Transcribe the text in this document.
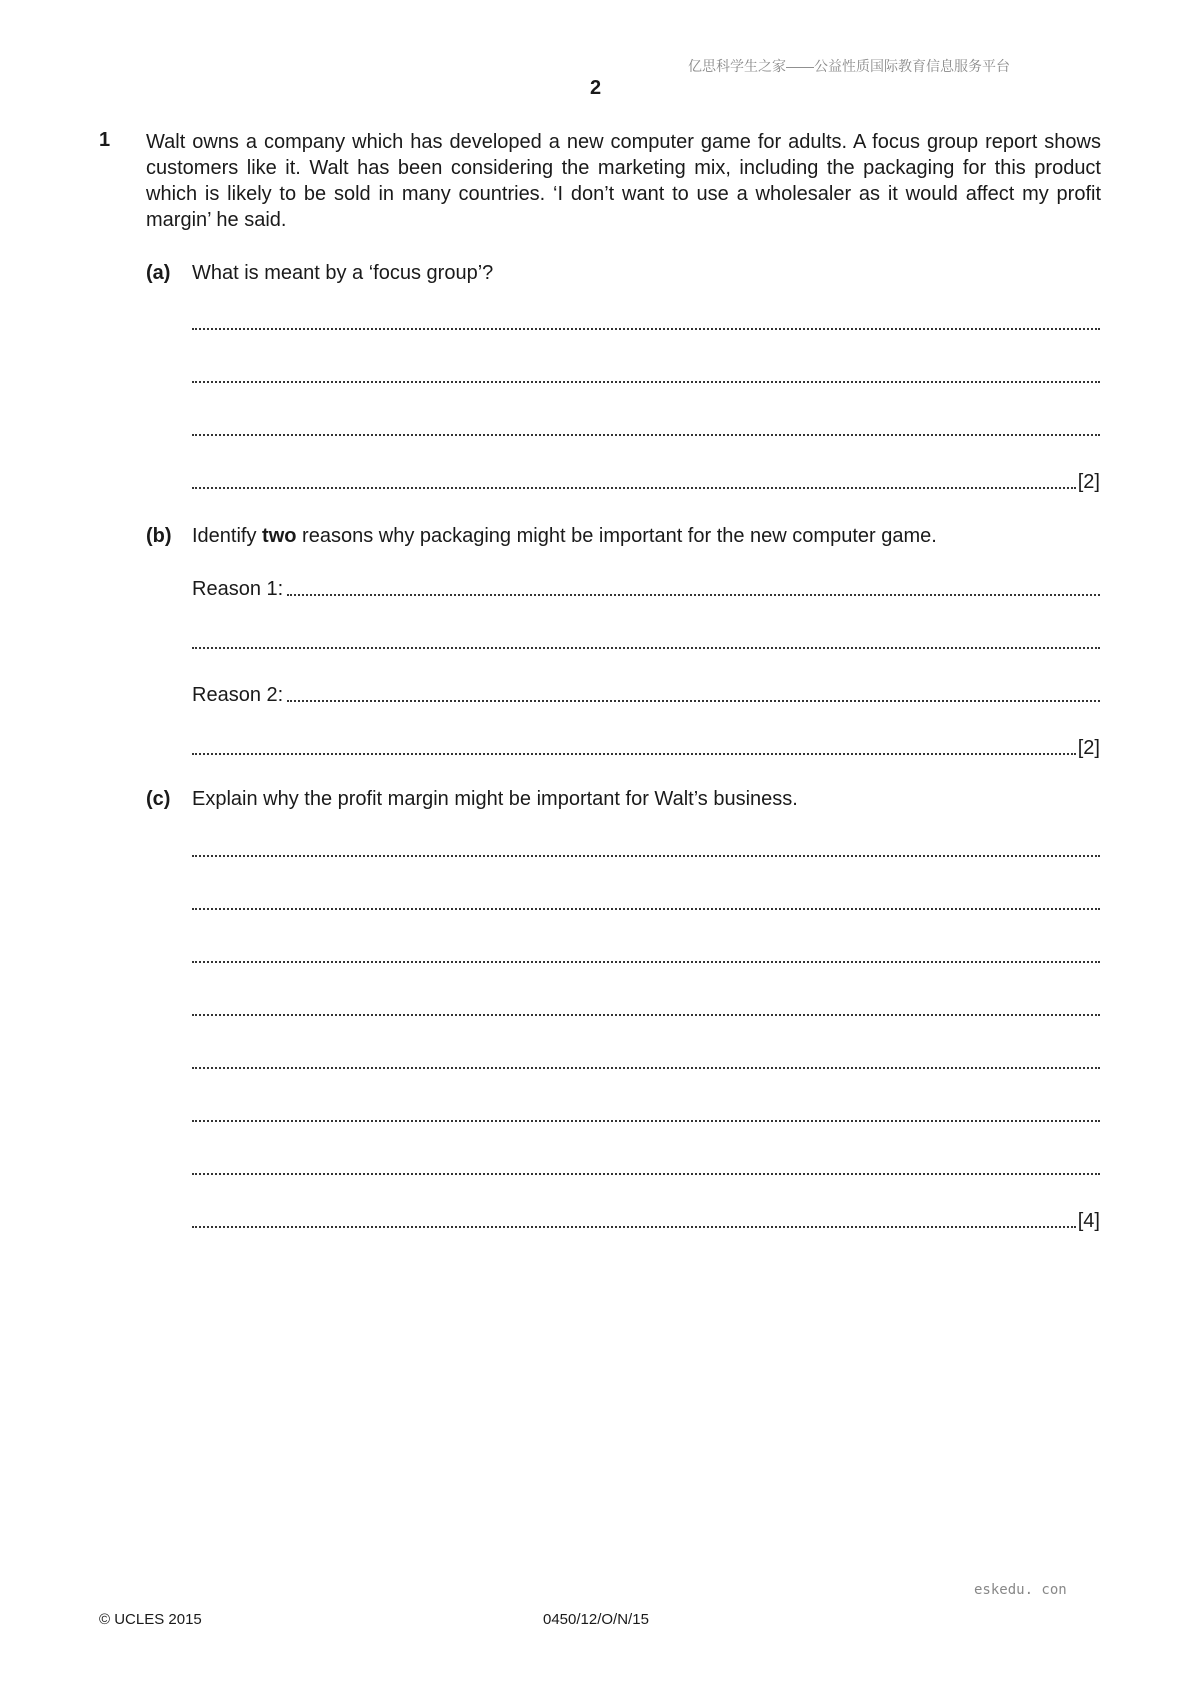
亿思科学生之家——公益性质国际教育信息服务平台
2
1 Walt owns a company which has developed a new computer game for adults. A focus group report shows customers like it. Walt has been considering the marketing mix, including the packaging for this product which is likely to be sold in many countries. ‘I don’t want to use a wholesaler as it would affect my profit margin’ he said.
(a) What is meant by a ‘focus group’?
[2]
(b) Identify two reasons why packaging might be important for the new computer game.
Reason 1:
Reason 2:
[2]
(c) Explain why the profit margin might be important for Walt’s business.
[4]
eskedu. con
© UCLES 2015	0450/12/O/N/15
